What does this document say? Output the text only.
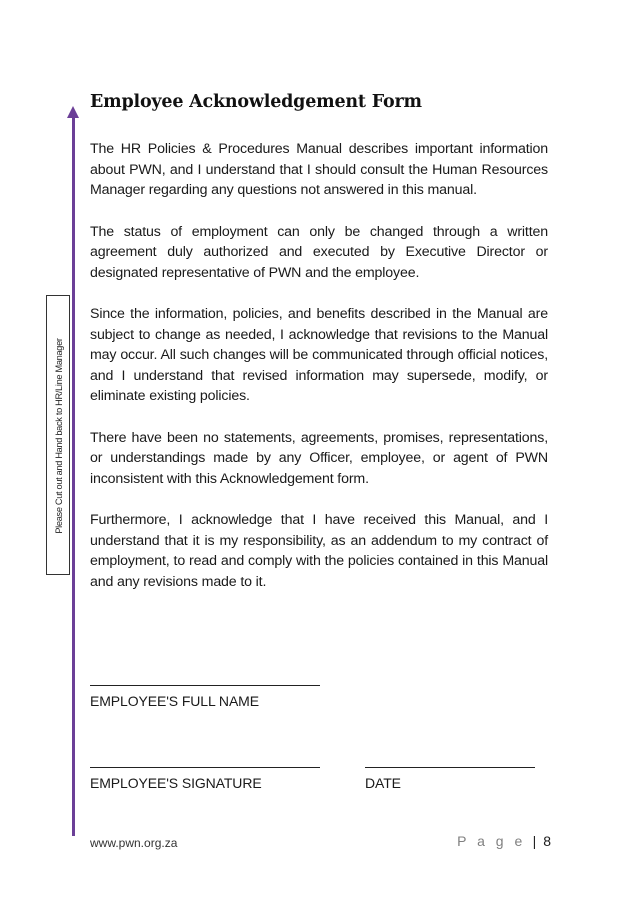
Please Cut out and Hand back to HR/Line Manager
Employee Acknowledgement Form

The HR Policies & Procedures Manual describes important information about PWN, and I understand that I should consult the Human Resources Manager regarding any questions not answered in this manual.

The status of employment can only be changed through a written agreement duly authorized and executed by Executive Director or designated representative of PWN and the employee.

Since the information, policies, and benefits described in the Manual are subject to change as needed, I acknowledge that revisions to the Manual may occur. All such changes will be communicated through official notices, and I understand that revised information may supersede, modify, or eliminate existing policies.

There have been no statements, agreements, promises, representations, or understandings made by any Officer, employee, or agent of PWN inconsistent with this Acknowledgement form.

Furthermore, I acknowledge that I have received this Manual, and I understand that it is my responsibility, as an addendum to my contract of employment, to read and comply with the policies contained in this Manual and any revisions made to it.

EMPLOYEE'S FULL NAME
EMPLOYEE'S SIGNATURE	DATE
www.pwn.org.za	P a g e | 8
